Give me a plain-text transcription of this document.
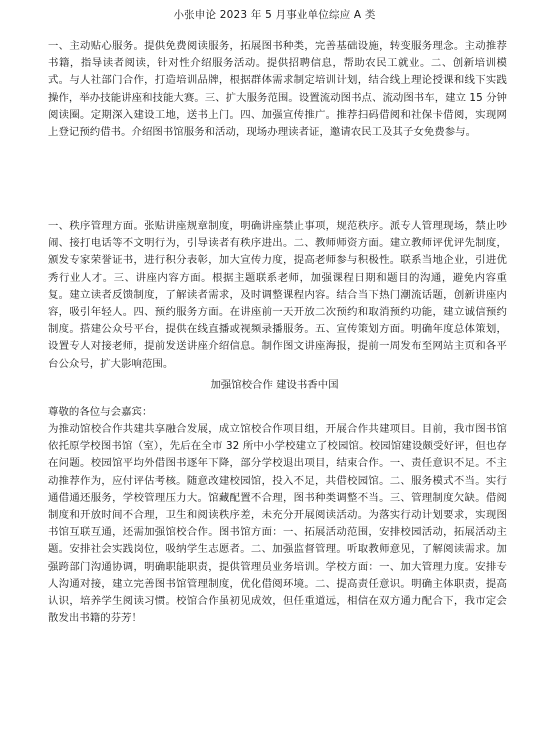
小张申论 2023 年 5 月事业单位综应 A 类

一、主动贴心服务。提供免费阅读服务，拓展图书种类，完善基础设施，转变服务理念。主动推荐书籍，指导读者阅读，针对性介绍服务活动。提供招聘信息，帮助农民工就业。二、创新培训模式。与人社部门合作，打造培训品牌，根据群体需求制定培训计划，结合线上理论授课和线下实践操作，举办技能讲座和技能大赛。三、扩大服务范围。设置流动图书点、流动图书车，建立 15 分钟阅读圈。定期深入建设工地，送书上门。四、加强宣传推广。推荐扫码借阅和社保卡借阅，实现网上登记预约借书。介绍图书馆服务和活动，现场办理读者证，邀请农民工及其子女免费参与。

一、秩序管理方面。张贴讲座规章制度，明确讲座禁止事项，规范秩序。派专人管理现场，禁止吵闹、接打电话等不文明行为，引导读者有秩序进出。二、教师师资方面。建立教师评优评先制度，颁发专家荣誉证书，进行积分表彰，加大宣传力度，提高老师参与积极性。联系当地企业，引进优秀行业人才。三、讲座内容方面。根据主题联系老师，加强课程日期和题目的沟通，避免内容重复。建立读者反馈制度，了解读者需求，及时调整课程内容。结合当下热门潮流话题，创新讲座内容，吸引年轻人。四、预约服务方面。在讲座前一天开放二次预约和取消预约功能，建立诚信预约制度。搭建公众号平台，提供在线直播或视频录播服务。五、宣传策划方面。明确年度总体策划，设置专人对接老师，提前发送讲座介绍信息。制作图文讲座海报，提前一周发布至网站主页和各平台公众号，扩大影响范围。

加强馆校合作 建设书香中国

尊敬的各位与会嘉宾：

为推动馆校合作共建共享融合发展，成立馆校合作项目组，开展合作共建项目。目前，我市图书馆依托原学校图书馆（室），先后在全市 32 所中小学校建立了校园馆。校园馆建设颇受好评，但也存在问题。校园馆平均外借图书逐年下降，部分学校退出项目，结束合作。一、责任意识不足。不主动推荐作为，应付评估考核。随意改建校园馆，投入不足，共借校园馆。二、服务模式不当。实行通借通还服务，学校管理压力大。馆藏配置不合理，图书种类调整不当。三、管理制度欠缺。借阅制度和开放时间不合理，卫生和阅读秩序差，未充分开展阅读活动。为落实行动计划要求，实现图书馆互联互通，还需加强馆校合作。图书馆方面：一、拓展活动范围，安排校园活动，拓展活动主题。安排社会实践岗位，吸纳学生志愿者。二、加强监督管理。听取教师意见，了解阅读需求。加强跨部门沟通协调，明确职能职责，提供管理员业务培训。学校方面：一、加大管理力度。安排专人沟通对接，建立完善图书馆管理制度，优化借阅环境。二、提高责任意识。明确主体职责，提高认识，培养学生阅读习惯。校馆合作虽初见成效，但任重道远，相信在双方通力配合下，我市定会散发出书籍的芬芳！
